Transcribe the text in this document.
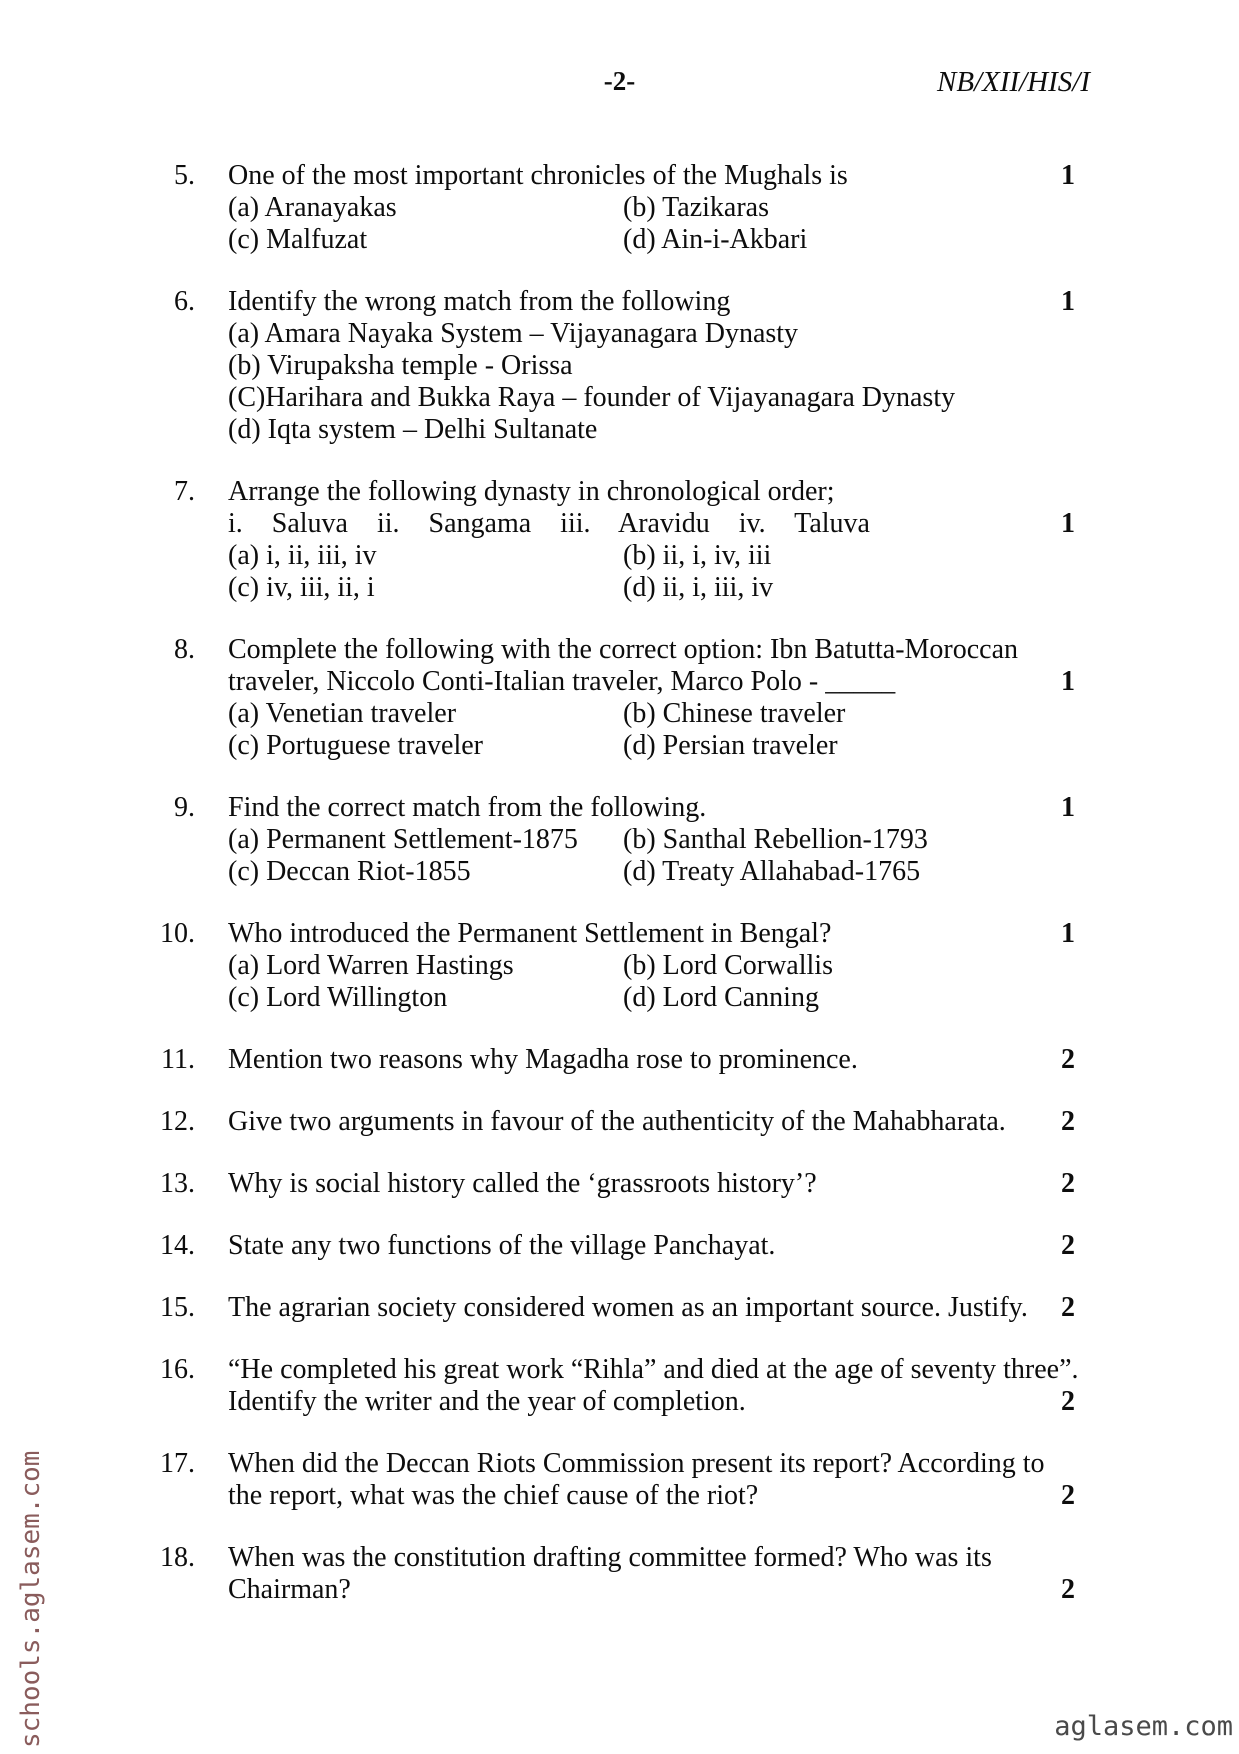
-2-	NB/XII/HIS/I
5. One of the most important chronicles of the Mughals is	1
(a) Aranayakas	(b) Tazikaras
(c) Malfuzat	(d) Ain-i-Akbari
6. Identify the wrong match from the following	1
(a) Amara Nayaka System – Vijayanagara Dynasty
(b) Virupaksha temple - Orissa
(C)Harihara and Bukka Raya – founder of Vijayanagara Dynasty
(d) Iqta system – Delhi Sultanate
7. Arrange the following dynasty in chronological order;
i. Saluva ii. Sangama iii. Aravidu iv. Taluva	1
(a) i, ii, iii, iv	(b) ii, i, iv, iii
(c) iv, iii, ii, i	(d) ii, i, iii, iv
8. Complete the following with the correct option: Ibn Batutta-Moroccan
traveler, Niccolo Conti-Italian traveler, Marco Polo - _____	1
(a) Venetian traveler	(b) Chinese traveler
(c) Portuguese traveler	(d) Persian traveler
9. Find the correct match from the following.	1
(a) Permanent Settlement-1875	(b) Santhal Rebellion-1793
(c) Deccan Riot-1855	(d) Treaty Allahabad-1765
10. Who introduced the Permanent Settlement in Bengal?	1
(a) Lord Warren Hastings	(b) Lord Corwallis
(c) Lord Willington	(d) Lord Canning
11. Mention two reasons why Magadha rose to prominence.	2
12. Give two arguments in favour of the authenticity of the Mahabharata.	2
13. Why is social history called the ‘grassroots history’?	2
14. State any two functions of the village Panchayat.	2
15. The agrarian society considered women as an important source. Justify.	2
16. “He completed his great work “Rihla” and died at the age of seventy three”.
Identify the writer and the year of completion.	2
17. When did the Deccan Riots Commission present its report? According to
the report, what was the chief cause of the riot?	2
18. When was the constitution drafting committee formed? Who was its
Chairman?	2
schools.aglasem.com	aglasem.com
